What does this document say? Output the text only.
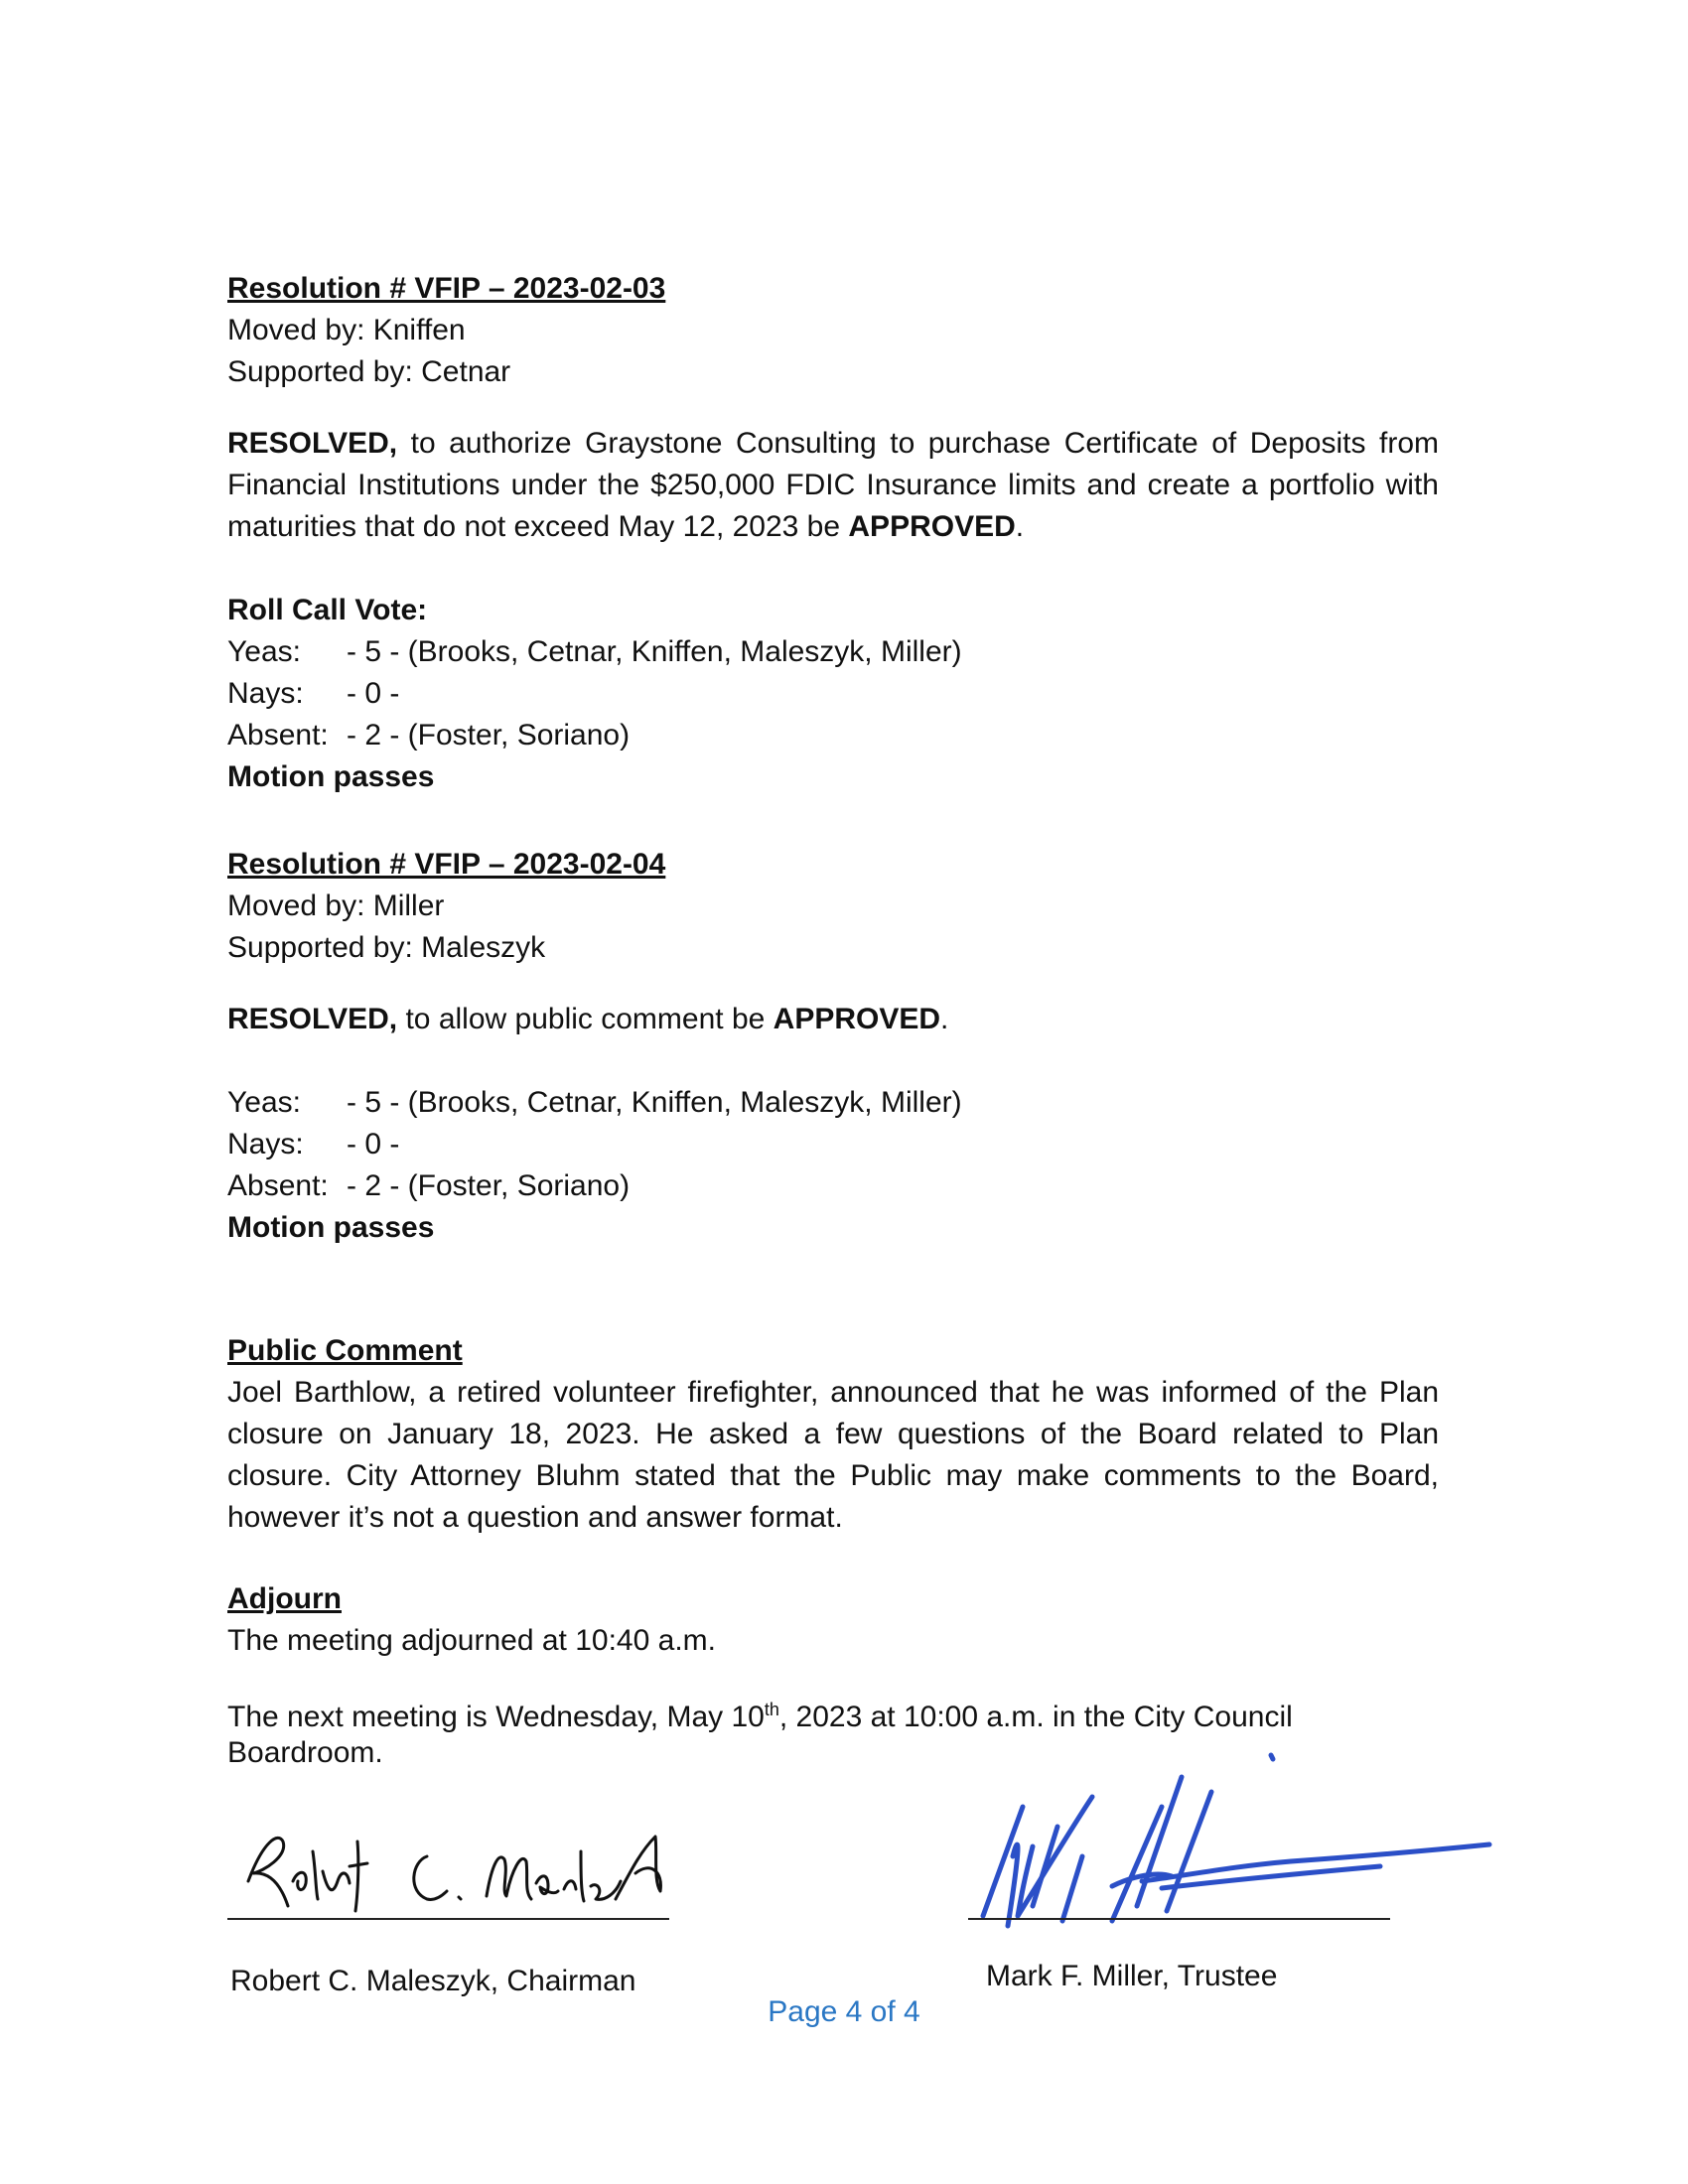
Resolution # VFIP – 2023-02-03
Moved by: Kniffen
Supported by: Cetnar
RESOLVED, to authorize Graystone Consulting to purchase Certificate of Deposits from Financial Institutions under the $250,000 FDIC Insurance limits and create a portfolio with maturities that do not exceed May 12, 2023 be APPROVED.
Roll Call Vote:
Yeas:	- 5 - (Brooks, Cetnar, Kniffen, Maleszyk, Miller)
Nays:	- 0 -
Absent: - 2 - (Foster, Soriano)
Motion passes
Resolution # VFIP – 2023-02-04
Moved by: Miller
Supported by: Maleszyk
RESOLVED, to allow public comment be APPROVED.
Yeas:	- 5 - (Brooks, Cetnar, Kniffen, Maleszyk, Miller)
Nays:	- 0 -
Absent: - 2 - (Foster, Soriano)
Motion passes
Public Comment
Joel Barthlow, a retired volunteer firefighter, announced that he was informed of the Plan closure on January 18, 2023. He asked a few questions of the Board related to Plan closure. City Attorney Bluhm stated that the Public may make comments to the Board, however it’s not a question and answer format.
Adjourn
The meeting adjourned at 10:40 a.m.
The next meeting is Wednesday, May 10th, 2023 at 10:00 a.m. in the City Council
Boardroom.
Robert C. Maleszyk, Chairman	Mark F. Miller, Trustee
Page 4 of 4
